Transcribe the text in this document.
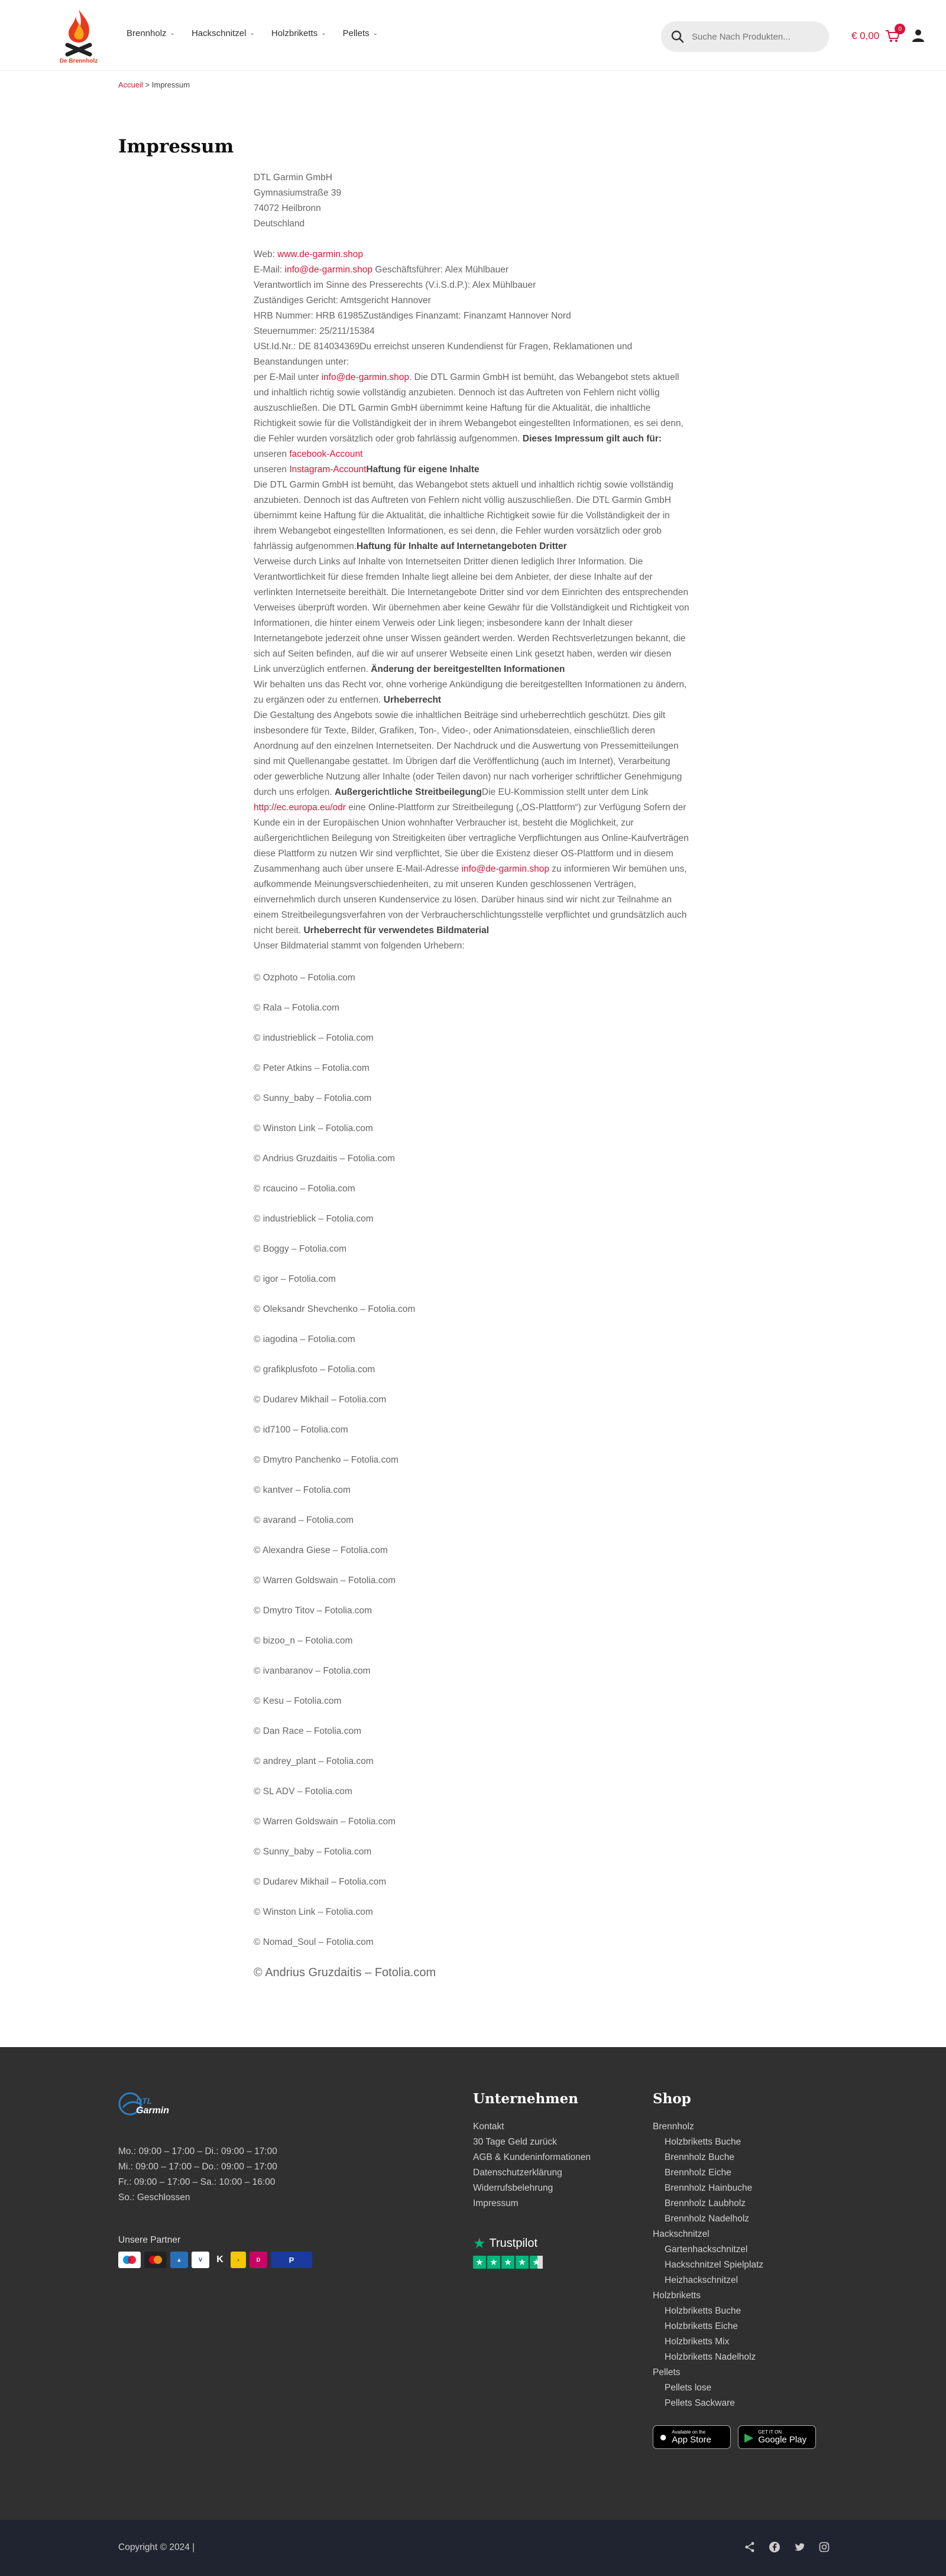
De Brennholz
Brennholz ⌄ Hackschnitzel ⌄ Holzbriketts ⌄ Pellets ⌄
Suche Nach Produkten...	€ 0,00
0
Accueil > Impressum
Impressum
DTL Garmin GmbH
Gymnasiumstraße 39
74072 Heilbronn
Deutschland
Web: www.de-garmin.shop
E-Mail: info@de-garmin.shop Geschäftsführer: Alex Mühlbauer
Verantwortlich im Sinne des Presserechts (V.i.S.d.P.): Alex Mühlbauer
Zuständiges Gericht: Amtsgericht Hannover
HRB Nummer: HRB 61985Zuständiges Finanzamt: Finanzamt Hannover Nord
Steuernummer: 25/211/15384
USt.Id.Nr.: DE 814034369Du erreichst unseren Kundendienst für Fragen, Reklamationen und Beanstandungen unter:
per E-Mail unter info@de-garmin.shop. Die DTL Garmin GmbH ist bemüht, das Webangebot stets aktuell und inhaltlich richtig sowie vollständig anzubieten. Dennoch ist das Auftreten von Fehlern nicht völlig auszuschließen. Die DTL Garmin GmbH übernimmt keine Haftung für die Aktualität, die inhaltliche Richtigkeit sowie für die Vollständigkeit der in ihrem Webangebot eingestellten Informationen, es sei denn, die Fehler wurden vorsätzlich oder grob fahrlässig aufgenommen. Dieses Impressum gilt auch für:
unseren facebook-Account
unseren Instagram-AccountHaftung für eigene Inhalte
Die DTL Garmin GmbH ist bemüht, das Webangebot stets aktuell und inhaltlich richtig sowie vollständig anzubieten. Dennoch ist das Auftreten von Fehlern nicht völlig auszuschließen. Die DTL Garmin GmbH übernimmt keine Haftung für die Aktualität, die inhaltliche Richtigkeit sowie für die Vollständigkeit der in ihrem Webangebot eingestellten Informationen, es sei denn, die Fehler wurden vorsätzlich oder grob fahrlässig aufgenommen.Haftung für Inhalte auf Internetangeboten Dritter
Verweise durch Links auf Inhalte von Internetseiten Dritter dienen lediglich Ihrer Information. Die Verantwortlichkeit für diese fremden Inhalte liegt alleine bei dem Anbieter, der diese Inhalte auf der verlinkten Internetseite bereithält. Die Internetangebote Dritter sind vor dem Einrichten des entsprechenden Verweises überprüft worden. Wir übernehmen aber keine Gewähr für die Vollständigkeit und Richtigkeit von Informationen, die hinter einem Verweis oder Link liegen; insbesondere kann der Inhalt dieser Internetangebote jederzeit ohne unser Wissen geändert werden. Werden Rechtsverletzungen bekannt, die sich auf Seiten befinden, auf die wir auf unserer Webseite einen Link gesetzt haben, werden wir diesen Link unverzüglich entfernen. Änderung der bereitgestellten Informationen
Wir behalten uns das Recht vor, ohne vorherige Ankündigung die bereitgestellten Informationen zu ändern, zu ergänzen oder zu entfernen. Urheberrecht
Die Gestaltung des Angebots sowie die inhaltlichen Beiträge sind urheberrechtlich geschützt. Dies gilt insbesondere für Texte, Bilder, Grafiken, Ton-, Video-, oder Animationsdateien, einschließlich deren Anordnung auf den einzelnen Internetseiten. Der Nachdruck und die Auswertung von Pressemitteilungen sind mit Quellenangabe gestattet. Im Übrigen darf die Veröffentlichung (auch im Internet), Verarbeitung oder gewerbliche Nutzung aller Inhalte (oder Teilen davon) nur nach vorheriger schriftlicher Genehmigung durch uns erfolgen. Außergerichtliche StreitbeilegungDie EU-Kommission stellt unter dem Link http://ec.europa.eu/odr eine Online-Plattform zur Streitbeilegung („OS-Plattform“) zur Verfügung Sofern der Kunde ein in der Europäischen Union wohnhafter Verbraucher ist, besteht die Möglichkeit, zur außergerichtlichen Beilegung von Streitigkeiten über vertragliche Verpflichtungen aus Online-Kaufverträgen diese Plattform zu nutzen Wir sind verpflichtet, Sie über die Existenz dieser OS-Plattform und in diesem Zusammenhang auch über unsere E-Mail-Adresse info@de-garmin.shop zu informieren Wir bemühen uns, aufkommende Meinungsverschiedenheiten, zu mit unseren Kunden geschlossenen Verträgen, einvernehmlich durch unseren Kundenservice zu lösen. Darüber hinaus sind wir nicht zur Teilnahme an einem Streitbeilegungsverfahren von der Verbraucherschlichtungsstelle verpflichtet und grundsätzlich auch nicht bereit. Urheberrecht für verwendetes Bildmaterial
Unser Bildmaterial stammt von folgenden Urhebern:
© Ozphoto – Fotolia.com
© Rala – Fotolia.com
© industrieblick – Fotolia.com
© Peter Atkins – Fotolia.com
© Sunny_baby – Fotolia.com
© Winston Link – Fotolia.com
© Andrius Gruzdaitis – Fotolia.com
© rcaucino – Fotolia.com
© industrieblick – Fotolia.com
© Boggy – Fotolia.com
© igor – Fotolia.com
© Oleksandr Shevchenko – Fotolia.com
© iagodina – Fotolia.com
© grafikplusfoto – Fotolia.com
© Dudarev Mikhail – Fotolia.com
© id7100 – Fotolia.com
© Dmytro Panchenko – Fotolia.com
© kantver – Fotolia.com
© avarand – Fotolia.com
© Alexandra Giese – Fotolia.com
© Warren Goldswain – Fotolia.com
© Dmytro Titov – Fotolia.com
© bizoo_n – Fotolia.com
© ivanbaranov – Fotolia.com
© Kesu – Fotolia.com
© Dan Race – Fotolia.com
© andrey_plant – Fotolia.com
© SL ADV – Fotolia.com
© Warren Goldswain – Fotolia.com
© Sunny_baby – Fotolia.com
© Dudarev Mikhail – Fotolia.com
© Winston Link – Fotolia.com
© Nomad_Soul – Fotolia.com
© Andrius Gruzdaitis – Fotolia.com
DTL
Garmin
Mo.: 09:00 – 17:00 – Di.: 09:00 – 17:00
Mi.: 09:00 – 17:00 – Do.: 09:00 – 17:00
Fr.: 09:00 – 17:00 – Sa.: 10:00 – 16:00
So.: Geschlossen
Unsere Partner
▲	V	K	›	D	P
Unternehmen
Kontakt
30 Tage Geld zurück
AGB & Kundeninformationen
Datenschutzerklärung
Widerrufsbelehrung
Impressum
★ Trustpilot
★ ★ ★ ★ ★
Shop
Brennholz
Holzbriketts Buche
Brennholz Buche
Brennholz Eiche
Brennholz Hainbuche
Brennholz Laubholz
Brennholz Nadelholz
Hackschnitzel
Gartenhackschnitzel
Hackschnitzel Spielplatz
Heizhackschnitzel
Holzbriketts
Holzbriketts Buche
Holzbriketts Eiche
Holzbriketts Mix
Holzbriketts Nadelholz
Pellets
Pellets lose
Pellets Sackware
● Available on the
App Store	▶ GET IT ON
Google Play
Copyright © 2024 |
